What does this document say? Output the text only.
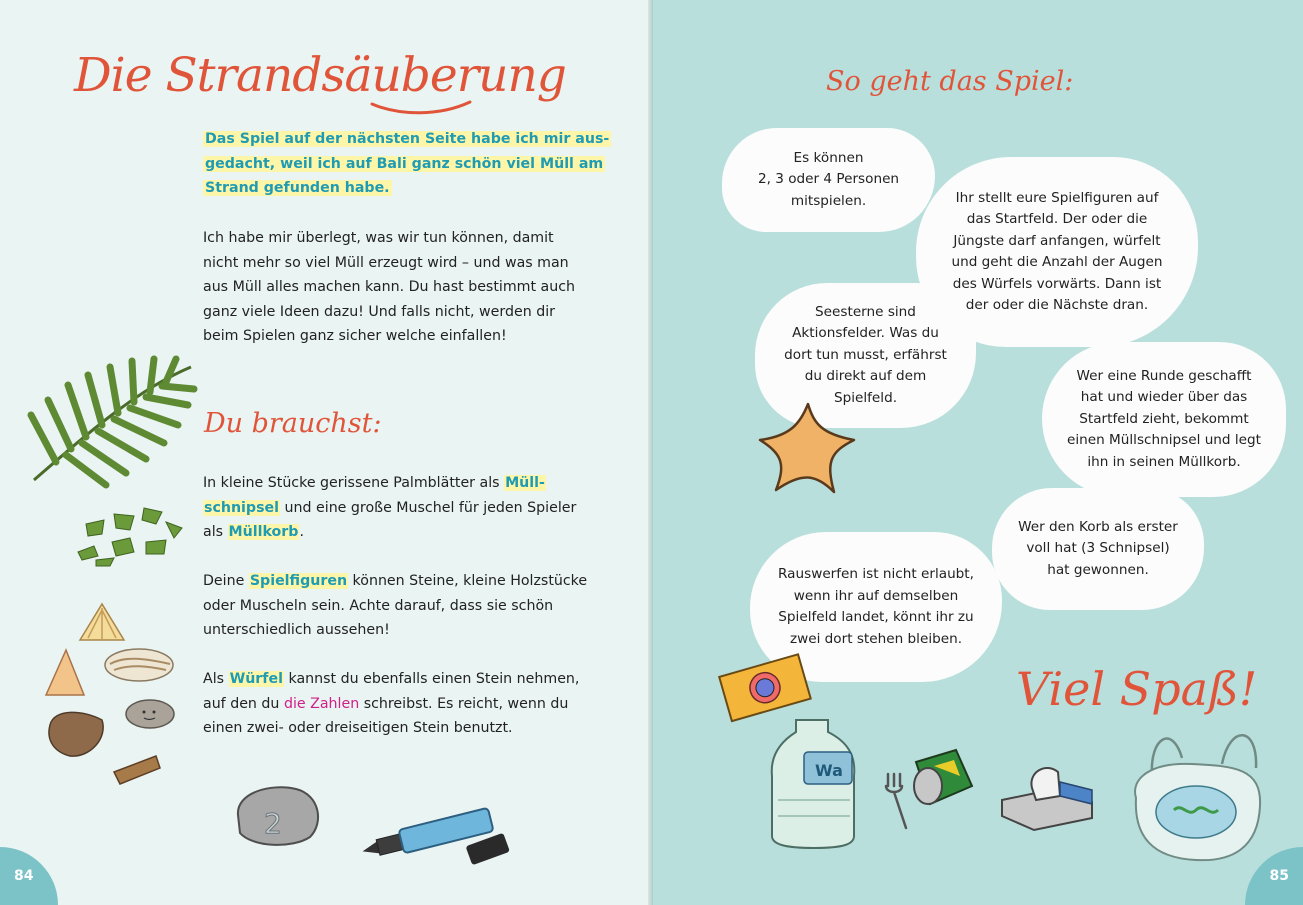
Die Strandsäuberung
Das Spiel auf der nächsten Seite habe ich mir aus-
gedacht, weil ich auf Bali ganz schön viel Müll am
Strand gefunden habe.
Ich habe mir überlegt, was wir tun können, damit
nicht mehr so viel Müll erzeugt wird – und was man
aus Müll alles machen kann. Du hast bestimmt auch
ganz viele Ideen dazu! Und falls nicht, werden dir
beim Spielen ganz sicher welche einfallen!
Du brauchst:
In kleine Stücke gerissene Palmblätter als Müll-
schnipsel und eine große Muschel für jeden Spieler
als Müllkorb.
Deine Spielfiguren können Steine, kleine Holzstücke
oder Muscheln sein. Achte darauf, dass sie schön
unterschiedlich aussehen!
Als Würfel kannst du ebenfalls einen Stein nehmen,
auf den du die Zahlen schreibst. Es reicht, wenn du
einen zwei- oder dreiseitigen Stein benutzt.
2
84
So geht das Spiel:
Es können
2, 3 oder 4 Personen
mitspielen.	Ihr stellt eure Spielfiguren auf
das Startfeld. Der oder die
Jüngste darf anfangen, würfelt
und geht die Anzahl der Augen
des Würfels vorwärts. Dann ist
der oder die Nächste dran.
Seesterne sind
Aktionsfelder. Was du
dort tun musst, erfährst
du direkt auf dem
Spielfeld.
Wer eine Runde geschafft
hat und wieder über das
Startfeld zieht, bekommt
einen Müllschnipsel und legt
ihn in seinen Müllkorb.
Wer den Korb als erster
voll hat (3 Schnipsel)
hat gewonnen.
Rauswerfen ist nicht erlaubt,
wenn ihr auf demselben
Spielfeld landet, könnt ihr zu
zwei dort stehen bleiben.
Viel Spaß!
Wa
85
